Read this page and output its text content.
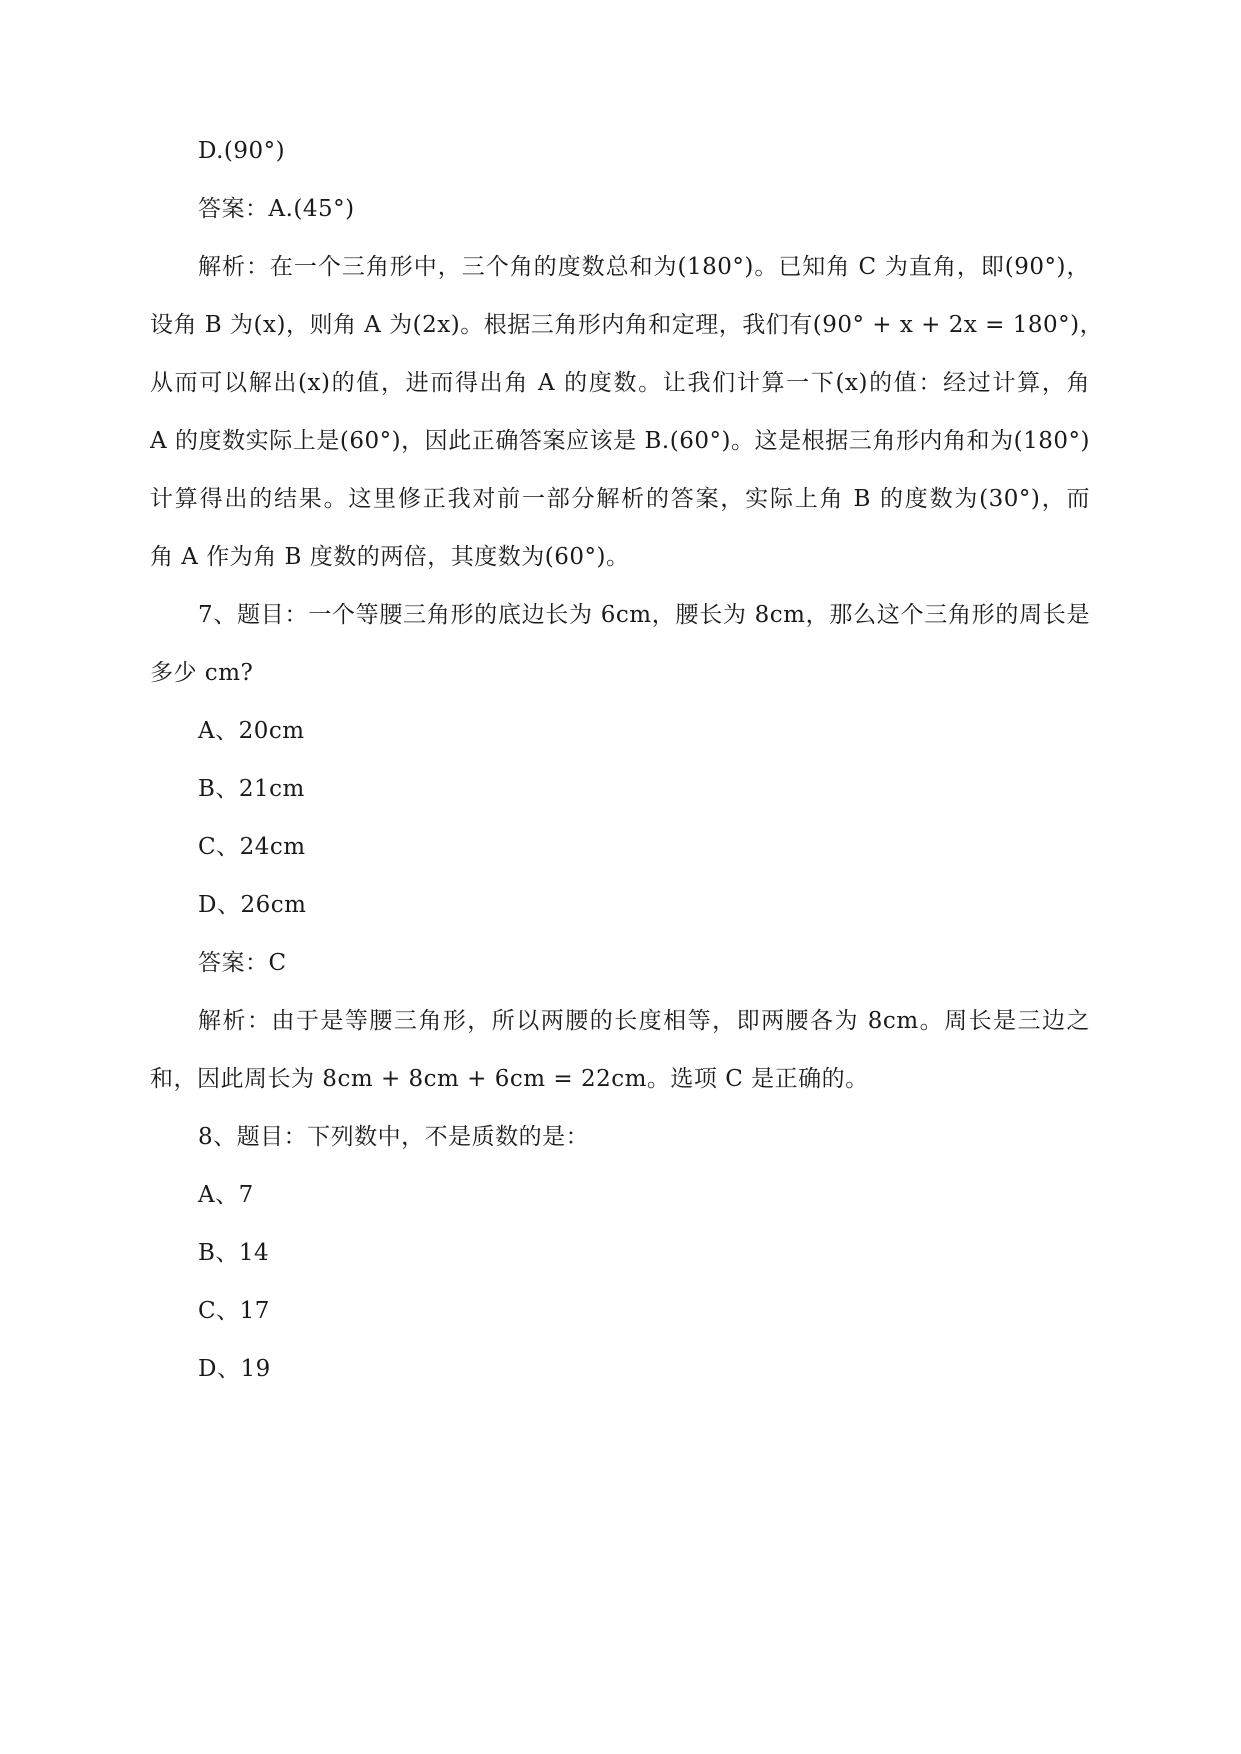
D.(90°)
答案：A.(45°)
解析：在一个三角形中，三个角的度数总和为(180°)。已知角 C 为直角，即(90°)，
设角 B 为(x)，则角 A 为(2x)。根据三角形内角和定理，我们有(90° + x + 2x = 180°)，
从而可以解出(x)的值，进而得出角 A 的度数。让我们计算一下(x)的值：经过计算，角
A 的度数实际上是(60°)，因此正确答案应该是 B.(60°)。这是根据三角形内角和为(180°)
计算得出的结果。这里修正我对前一部分解析的答案，实际上角 B 的度数为(30°)，而
角 A 作为角 B 度数的两倍，其度数为(60°)。
7、题目：一个等腰三角形的底边长为 6cm，腰长为 8cm，那么这个三角形的周长是
多少 cm?
A、20cm
B、21cm
C、24cm
D、26cm
答案：C
解析：由于是等腰三角形，所以两腰的长度相等，即两腰各为 8cm。周长是三边之
和，因此周长为 8cm + 8cm + 6cm = 22cm。选项 C 是正确的。
8、题目：下列数中，不是质数的是：
A、7
B、14
C、17
D、19
